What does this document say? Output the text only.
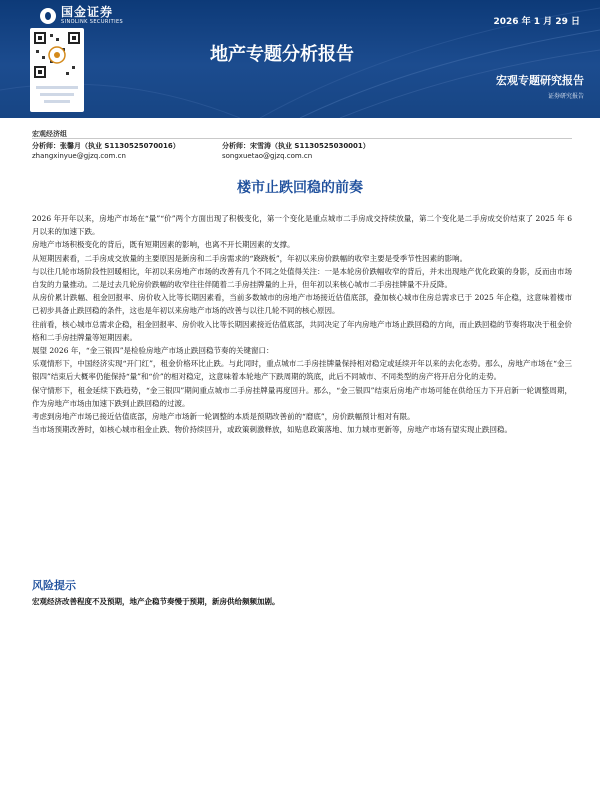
国金证券
SINOLINK SECURITIES	2026 年 1 月 29 日
地产专题分析报告
宏观专题研究报告
证券研究报告
宏观经济组
分析师：张馨月（执业 S1130525070016）
zhangxinyue@gjzq.com.cn
分析师：宋雪涛（执业 S1130525030001）
songxuetao@gjzq.com.cn
楼市止跌回稳的前奏

2026 年开年以来，房地产市场在“量”“价”两个方面出现了积极变化，第一个变化是重点城市二手房成交持续放量，第二个变化是二手房成交价结束了 2025 年 6 月以来的加速下跌。

房地产市场积极变化的背后，既有短期因素的影响，也离不开长期因素的支撑。

从短期因素看，二手房成交放量的主要原因是新房和二手房需求的“跷跷板”，年初以来房价跌幅的收窄主要是受季节性因素的影响。

与以往几轮市场阶段性回暖相比，年初以来房地产市场的改善有几个不同之处值得关注：一是本轮房价跌幅收窄的背后，并未出现地产优化政策的身影，反而由市场自发的力量推动。二是过去几轮房价跌幅的收窄往往伴随着二手房挂牌量的上升，但年初以来核心城市二手房挂牌量不升反降。

从房价累计跌幅、租金回报率、房价收入比等长期因素看，当前多数城市的房地产市场接近估值底部，叠加核心城市住房总需求已于 2025 年企稳，这意味着楼市已初步具备止跌回稳的条件，这也是年初以来房地产市场的改善与以往几轮不同的核心原因。

往前看，核心城市总需求企稳，租金回报率、房价收入比等长期因素接近估值底部，共同决定了年内房地产市场止跌回稳的方向，而止跌回稳的节奏将取决于租金价格和二手房挂牌量等短期因素。

展望 2026 年，“金三银四”是检验房地产市场止跌回稳节奏的关键窗口：

乐观情形下，中国经济实现“开门红”，租金价格环比止跌。与此同时，重点城市二手房挂牌量保持相对稳定或延续开年以来的去化态势。那么，房地产市场在“金三银四”结束后大概率仍能保持“量”和“价”的相对稳定，这意味着本轮地产下跌周期的筑底，此后不同城市、不同类型的房产将开启分化的走势。

保守情形下，租金延续下跌趋势，“金三银四”期间重点城市二手房挂牌量再度回升。那么，“金三银四”结束后房地产市场可能在供给压力下开启新一轮调整周期，作为房地产市场由加速下跌到止跌回稳的过渡。

考虑到房地产市场已接近估值底部，房地产市场新一轮调整的本质是预期改善前的“磨底”，房价跌幅预计相对有限。

当市场预期改善时，如核心城市租金止跌、物价持续回升，或政策刺激释放，如贴息政策落地、加力城市更新等，房地产市场有望实现止跌回稳。

风险提示
宏观经济改善程度不及预期，地产企稳节奏慢于预期，新房供给频频加剧。
